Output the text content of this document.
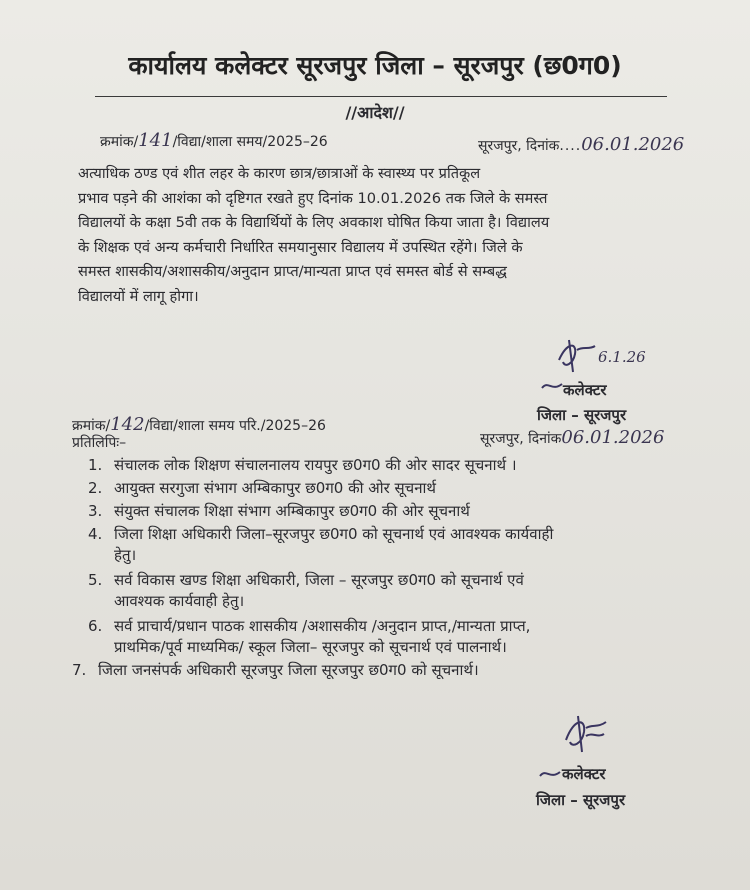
कार्यालय कलेक्टर सूरजपुर जिला – सूरजपुर (छ0ग0)
//आदेश//
क्रमांक/141/विद्या/शाला समय/2025–26	सूरजपुर, दिनांक....06.01.2026
अत्याधिक ठण्ड एवं शीत लहर के कारण छात्र/छात्राओं के स्वास्थ्य पर प्रतिकूल
प्रभाव पड़ने की आशंका को दृष्टिगत रखते हुए दिनांक 10.01.2026 तक जिले के समस्त
विद्यालयों के कक्षा 5वी तक के विद्यार्थियों के लिए अवकाश घोषित किया जाता है। विद्यालय
के शिक्षक एवं अन्य कर्मचारी निर्धारित समयानुसार विद्यालय में उपस्थित रहेंगे। जिले के
समस्त शासकीय/अशासकीय/अनुदान प्राप्त/मान्यता प्राप्त एवं समस्त बोर्ड से सम्बद्ध
विद्यालयों में लागू होगा।
6.1.26
कलेक्टर
जिला – सूरजपुर
क्रमांक/142/विद्या/शाला समय परि./2025–26
सूरजपुर, दिनांक06.01.2026
प्रतिलिपिः–
1. संचालक लोक शिक्षण संचालनालय रायपुर छ0ग0 की ओर सादर सूचनार्थ ।
2. आयुक्त सरगुजा संभाग अम्बिकापुर छ0ग0 की ओर सूचनार्थ
3. संयुक्त संचालक शिक्षा संभाग अम्बिकापुर छ0ग0 की ओर सूचनार्थ
4. जिला शिक्षा अधिकारी जिला–सूरजपुर छ0ग0 को सूचनार्थ एवं आवश्यक कार्यवाही
हेतु।
5. सर्व विकास खण्ड शिक्षा अधिकारी, जिला – सूरजपुर छ0ग0 को सूचनार्थ एवं
आवश्यक कार्यवाही हेतु।
6. सर्व प्राचार्य/प्रधान पाठक शासकीय /अशासकीय /अनुदान प्राप्त,/मान्यता प्राप्त,
प्राथमिक/पूर्व माध्यमिक/ स्कूल जिला– सूरजपुर को सूचनार्थ एवं पालनार्थ।
7. जिला जनसंपर्क अधिकारी सूरजपुर जिला सूरजपुर छ0ग0 को सूचनार्थ।
कलेक्टर
जिला – सूरजपुर
